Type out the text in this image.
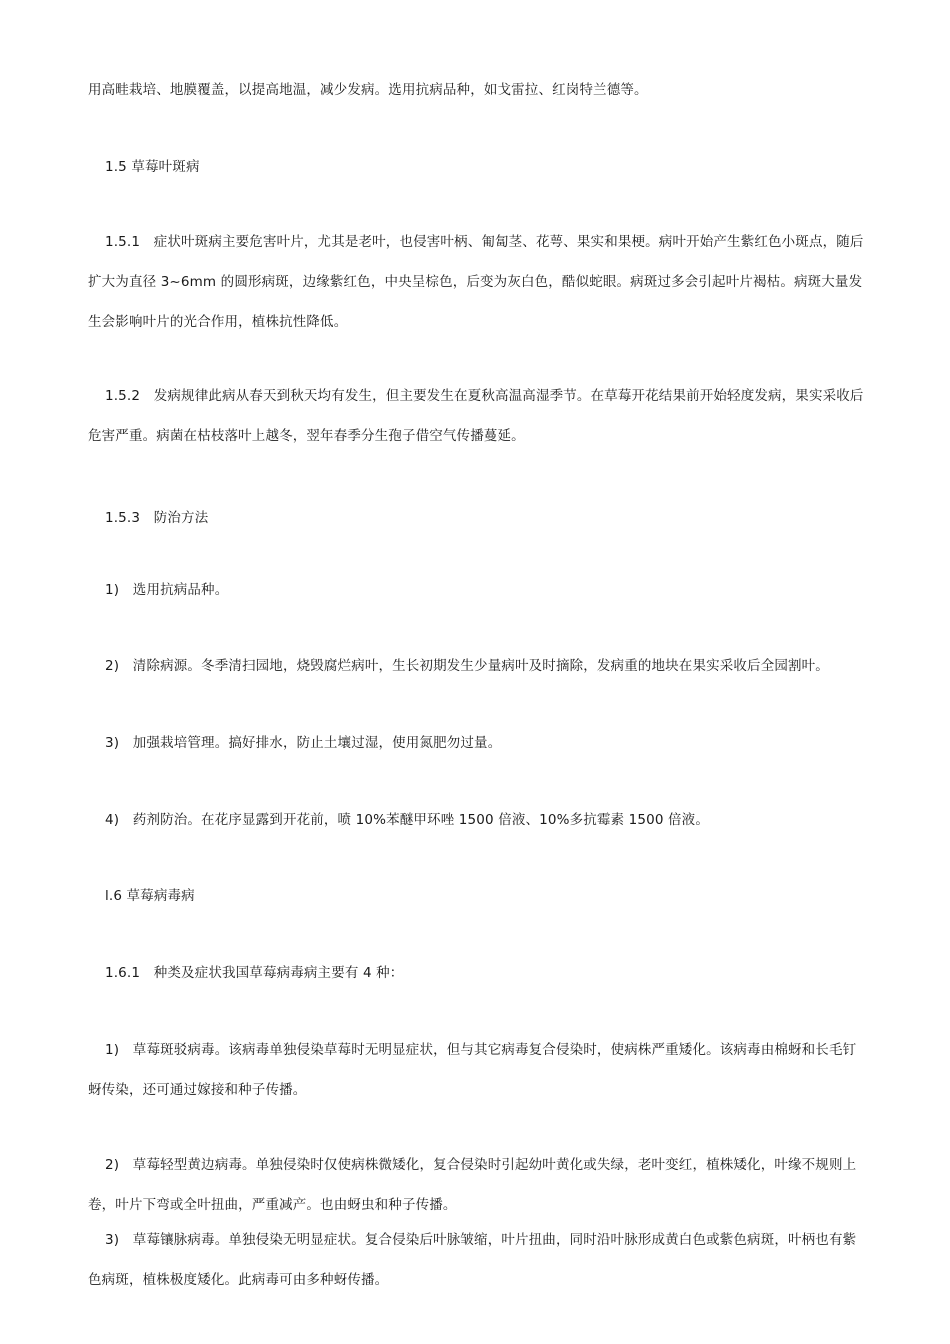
用高畦栽培、地膜覆盖，以提高地温，减少发病。选用抗病品种，如戈雷拉、红岗特兰德等。

1.5 草莓叶斑病

1.5.1　症状叶斑病主要危害叶片，尤其是老叶，也侵害叶柄、匍匐茎、花萼、果实和果梗。病叶开始产生紫红色小斑点，随后扩大为直径 3~6mm 的圆形病斑，边缘紫红色，中央呈棕色，后变为灰白色，酷似蛇眼。病斑过多会引起叶片褐枯。病斑大量发生会影响叶片的光合作用，植株抗性降低。

1.5.2　发病规律此病从春天到秋天均有发生，但主要发生在夏秋高温高湿季节。在草莓开花结果前开始轻度发病，果实采收后危害严重。病菌在枯枝落叶上越冬，翌年春季分生孢子借空气传播蔓延。

1.5.3　防治方法

1)　选用抗病品种。

2)　清除病源。冬季清扫园地，烧毁腐烂病叶，生长初期发生少量病叶及时摘除，发病重的地块在果实采收后全园割叶。

3)　加强栽培管理。搞好排水，防止土壤过湿，使用氮肥勿过量。

4)　药剂防治。在花序显露到开花前，喷 10%苯醚甲环唑 1500 倍液、10%多抗霉素 1500 倍液。

l.6 草莓病毒病

1.6.1　种类及症状我国草莓病毒病主要有 4 种：

1)　草莓斑驳病毒。该病毒单独侵染草莓时无明显症状，但与其它病毒复合侵染时，使病株严重矮化。该病毒由棉蚜和长毛钉蚜传染，还可通过嫁接和种子传播。

2)　草莓轻型黄边病毒。单独侵染时仅使病株微矮化，复合侵染时引起幼叶黄化或失绿，老叶变红，植株矮化，叶缘不规则上卷，叶片下弯或全叶扭曲，严重减产。也由蚜虫和种子传播。

3)　草莓镶脉病毒。单独侵染无明显症状。复合侵染后叶脉皱缩，叶片扭曲，同时沿叶脉形成黄白色或紫色病斑，叶柄也有紫色病斑，植株极度矮化。此病毒可由多种蚜传播。
